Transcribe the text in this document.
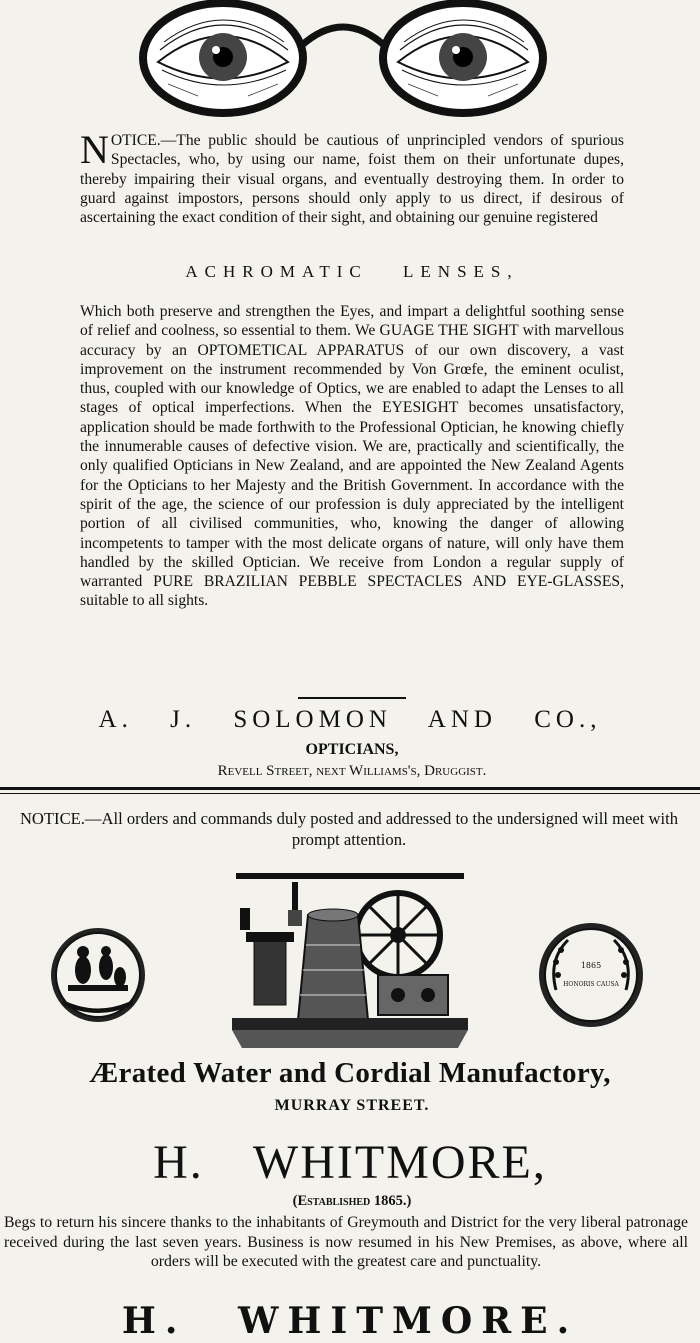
NOTICE.—The public should be cautious of unprincipled vendors of spurious Spectacles, who, by using our name, foist them on their unfortunate dupes, thereby impairing their visual organs, and eventually destroying them. In order to guard against impostors, persons should only apply to us direct, if desirous of ascertaining the exact condition of their sight, and obtaining our genuine registered

ACHROMATIC LENSES,

Which both preserve and strengthen the Eyes, and impart a delightful soothing sense of relief and coolness, so essential to them. We GUAGE THE SIGHT with marvellous accuracy by an OPTOMETICAL APPARATUS of our own discovery, a vast improvement on the instrument recommended by Von Grœfe, the eminent oculist, thus, coupled with our knowledge of Optics, we are enabled to adapt the Lenses to all stages of optical imperfections. When the EYESIGHT becomes unsatisfactory, application should be made forthwith to the Professional Optician, he knowing chiefly the innumerable causes of defective vision. We are, practically and scientifically, the only qualified Opticians in New Zealand, and are appointed the New Zealand Agents for the Opticians to her Majesty and the British Government. In accordance with the spirit of the age, the science of our profession is duly appreciated by the intelligent portion of all civilised communities, who, knowing the danger of allowing incompetents to tamper with the most delicate organs of nature, will only have them handled by the skilled Optician. We receive from London a regular supply of warranted PURE BRAZILIAN PEBBLE SPECTACLES AND EYE-GLASSES, suitable to all sights.

A. J. SOLOMON AND CO.,
OPTICIANS,
Revell Street, next Williams's, Druggist.

NOTICE.—All orders and commands duly posted and addressed to the undersigned will meet with prompt attention.

1865
HONORIS CAUSA
Ærated Water and Cordial Manufactory,
MURRAY STREET.
H. WHITMORE,
(Established 1865.)

Begs to return his sincere thanks to the inhabitants of Greymouth and District for the very liberal patronage received during the last seven years. Business is now resumed in his New Premises, as above, where all orders will be executed with the greatest care and punctuality.

H. WHITMORE.
